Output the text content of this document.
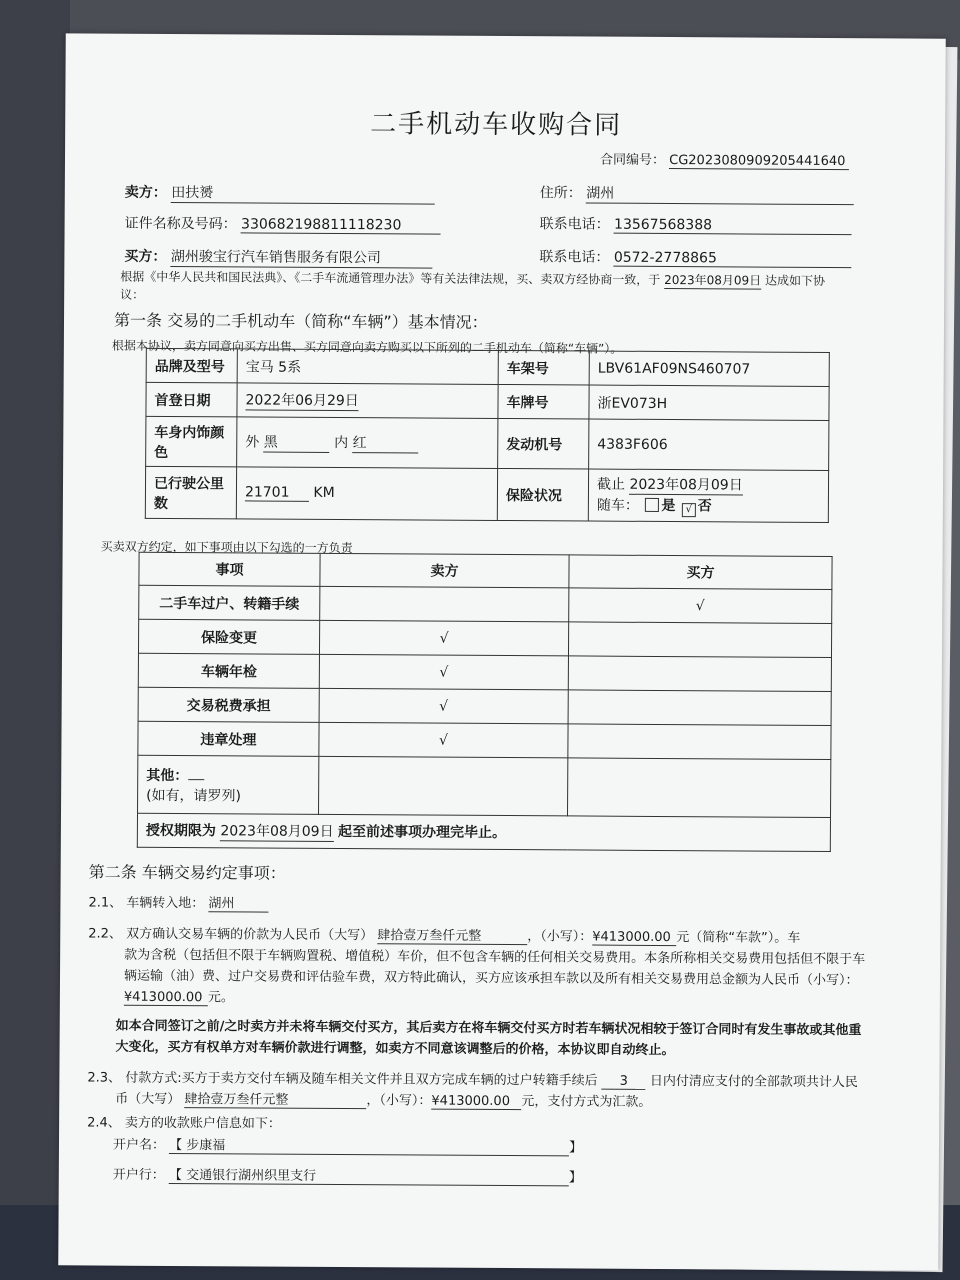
二手机动车收购合同
合同编号： CG2023080909205441640
卖方： 田扶赟	住所： 湖州
证件名称及号码： 330682198811118230	联系电话： 13567568388
买方： 湖州骏宝行汽车销售服务有限公司	联系电话： 0572-2778865
根据《中华人民共和国民法典》、《二手车流通管理办法》等有关法律法规，买、卖双方经协商一致，于 2023年08月09日 达成如下协
议：
第一条 交易的二手机动车（简称“车辆”）基本情况：
根据本协议，卖方同意向买方出售、买方同意向卖方购买以下所列的二手机动车（简称“车辆”）。
品牌及型号	宝马 5系	车架号	LBV61AF09NS460707
首登日期	2022年06月29日	车牌号	浙EV073H
车身内饰颜
色	外 黑 内 红	发动机号	4383F606
已行驶公里
数	21701 KM	保险状况	截止 2023年08月09日
随车： 是 √ 否
买卖双方约定，如下事项由以下勾选的一方负责
事项	卖方	买方
二手车过户、转籍手续		√
保险变更	√	
车辆年检	√	
交易税费承担	√	
违章处理	√	
其他：
(如有，请罗列)		
授权期限为 2023年08月09日 起至前述事项办理完毕止。		
第二条 车辆交易约定事项：
2.1、 车辆转入地： 湖州
2.2、 双方确认交易车辆的价款为人民币（大写） 肆拾壹万叁仟元整	，（小写）：¥413000.00 元（简称“车款”）。车
款为含税（包括但不限于车辆购置税、增值税）车价，但不包含车辆的任何相关交易费用。本条所称相关交易费用包括但不限于车
辆运输（油）费、过户交易费和评估验车费，双方特此确认，买方应该承担车款以及所有相关交易费用总金额为人民币（小写）：
¥413000.00 元。
如本合同签订之前/之时卖方并未将车辆交付买方，其后卖方在将车辆交付买方时若车辆状况相较于签订合同时有发生事故或其他重
大变化，买方有权单方对车辆价款进行调整，如卖方不同意该调整后的价格，本协议即自动终止。
2.3、 付款方式:买方于卖方交付车辆及随车相关文件并且双方完成车辆的过户转籍手续后 3 日内付清应支付的全部款项共计人民
币（大写） 肆拾壹万叁仟元整	，（小写）：¥413000.00 元，支付方式为汇款。
2.4、 卖方的收款账户信息如下：
开户名： 【 步康福	】
开户行： 【 交通银行湖州织里支行	】
